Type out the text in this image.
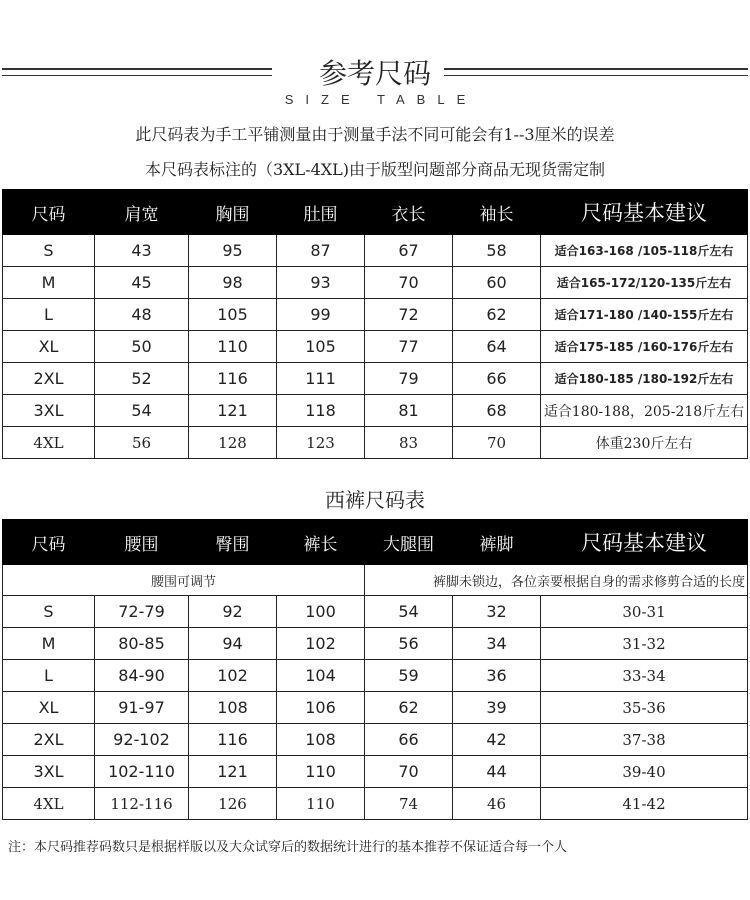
参考尺码
SIZE TABLE
此尺码表为手工平铺测量由于测量手法不同可能会有1--3厘米的误差
本尺码表标注的（3XL-4XL)由于版型问题部分商品无现货需定制
尺码	肩宽	胸围	肚围	衣长	袖长	尺码基本建议
S	43	95	87	67	58	适合163-168 /105-118斤左右
M	45	98	93	70	60	适合165-172/120-135斤左右
L	48	105	99	72	62	适合171-180 /140-155斤左右
XL	50	110	105	77	64	适合175-185 /160-176斤左右
2XL	52	116	111	79	66	适合180-185 /180-192斤左右
3XL	54	121	118	81	68	适合180-188，205-218斤左右
4XL	56	128	123	83	70	体重230斤左右
西裤尺码表
腰围可调节				裤脚未锁边，各位亲要根据自身的需求修剪合适的长度		
尺码	腰围	臀围	裤长	大腿围	裤脚	尺码基本建议
S	72-79	92	100	54	32	30-31
M	80-85	94	102	56	34	31-32
L	84-90	102	104	59	36	33-34
XL	91-97	108	106	62	39	35-36
2XL	92-102	116	108	66	42	37-38
3XL	102-110	121	110	70	44	39-40
4XL	112-116	126	110	74	46	41-42
注：本尺码推荐码数只是根据样版以及大众试穿后的数据统计进行的基本推荐不保证适合每一个人
